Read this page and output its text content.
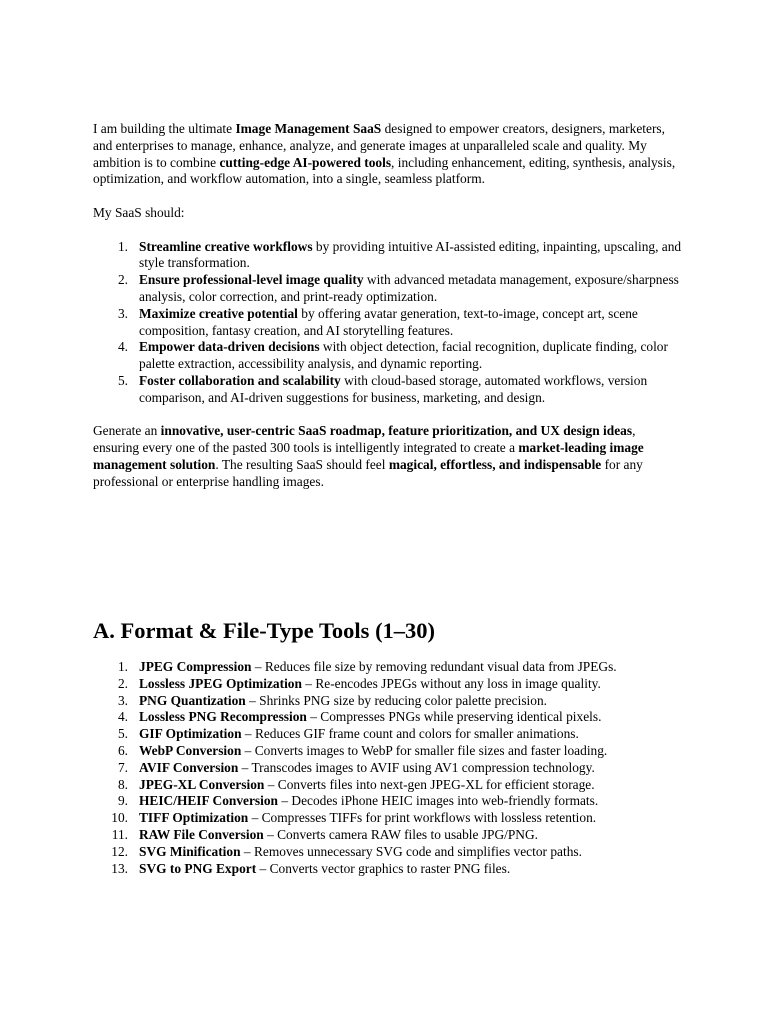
I am building the ultimate Image Management SaaS designed to empower creators, designers, marketers, and enterprises to manage, enhance, analyze, and generate images at unparalleled scale and quality. My ambition is to combine cutting-edge AI-powered tools, including enhancement, editing, synthesis, analysis, optimization, and workflow automation, into a single, seamless platform.

My SaaS should:

1. Streamline creative workflows by providing intuitive AI-assisted editing, inpainting, upscaling, and style transformation.
2. Ensure professional-level image quality with advanced metadata management, exposure/sharpness analysis, color correction, and print-ready optimization.
3. Maximize creative potential by offering avatar generation, text-to-image, concept art, scene composition, fantasy creation, and AI storytelling features.
4. Empower data-driven decisions with object detection, facial recognition, duplicate finding, color palette extraction, accessibility analysis, and dynamic reporting.
5. Foster collaboration and scalability with cloud-based storage, automated workflows, version comparison, and AI-driven suggestions for business, marketing, and design.

Generate an innovative, user-centric SaaS roadmap, feature prioritization, and UX design ideas, ensuring every one of the pasted 300 tools is intelligently integrated to create a market-leading image management solution. The resulting SaaS should feel magical, effortless, and indispensable for any professional or enterprise handling images.

A. Format & File-Type Tools (1–30)
1. JPEG Compression – Reduces file size by removing redundant visual data from JPEGs.
2. Lossless JPEG Optimization – Re-encodes JPEGs without any loss in image quality.
3. PNG Quantization – Shrinks PNG size by reducing color palette precision.
4. Lossless PNG Recompression – Compresses PNGs while preserving identical pixels.
5. GIF Optimization – Reduces GIF frame count and colors for smaller animations.
6. WebP Conversion – Converts images to WebP for smaller file sizes and faster loading.
7. AVIF Conversion – Transcodes images to AVIF using AV1 compression technology.
8. JPEG-XL Conversion – Converts files into next-gen JPEG-XL for efficient storage.
9. HEIC/HEIF Conversion – Decodes iPhone HEIC images into web-friendly formats.
10. TIFF Optimization – Compresses TIFFs for print workflows with lossless retention.
11. RAW File Conversion – Converts camera RAW files to usable JPG/PNG.
12. SVG Minification – Removes unnecessary SVG code and simplifies vector paths.
13. SVG to PNG Export – Converts vector graphics to raster PNG files.
